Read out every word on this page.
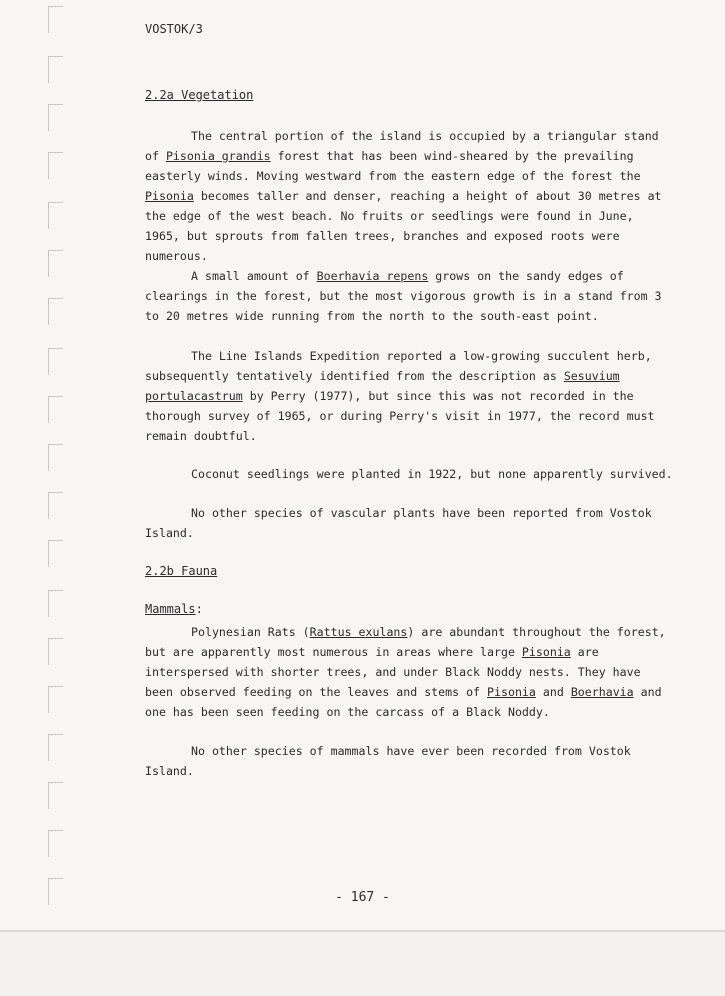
VOSTOK/3
2.2a Vegetation
The central portion of the island is occupied by a triangular stand of Pisonia grandis forest that has been wind-sheared by the prevailing easterly winds. Moving westward from the eastern edge of the forest the Pisonia becomes taller and denser, reaching a height of about 30 metres at the edge of the west beach. No fruits or seedlings were found in June, 1965, but sprouts from fallen trees, branches and exposed roots were numerous.
A small amount of Boerhavia repens grows on the sandy edges of clearings in the forest, but the most vigorous growth is in a stand from 3 to 20 metres wide running from the north to the south-east point.
The Line Islands Expedition reported a low-growing succulent herb, subsequently tentatively identified from the description as Sesuvium portulacastrum by Perry (1977), but since this was not recorded in the thorough survey of 1965, or during Perry's visit in 1977, the record must remain doubtful.
Coconut seedlings were planted in 1922, but none apparently survived.
No other species of vascular plants have been reported from Vostok Island.
2.2b Fauna
Mammals:
Polynesian Rats (Rattus exulans) are abundant throughout the forest, but are apparently most numerous in areas where large Pisonia are interspersed with shorter trees, and under Black Noddy nests. They have been observed feeding on the leaves and stems of Pisonia and Boerhavia and one has been seen feeding on the carcass of a Black Noddy.
No other species of mammals have ever been recorded from Vostok Island.
- 167 -
